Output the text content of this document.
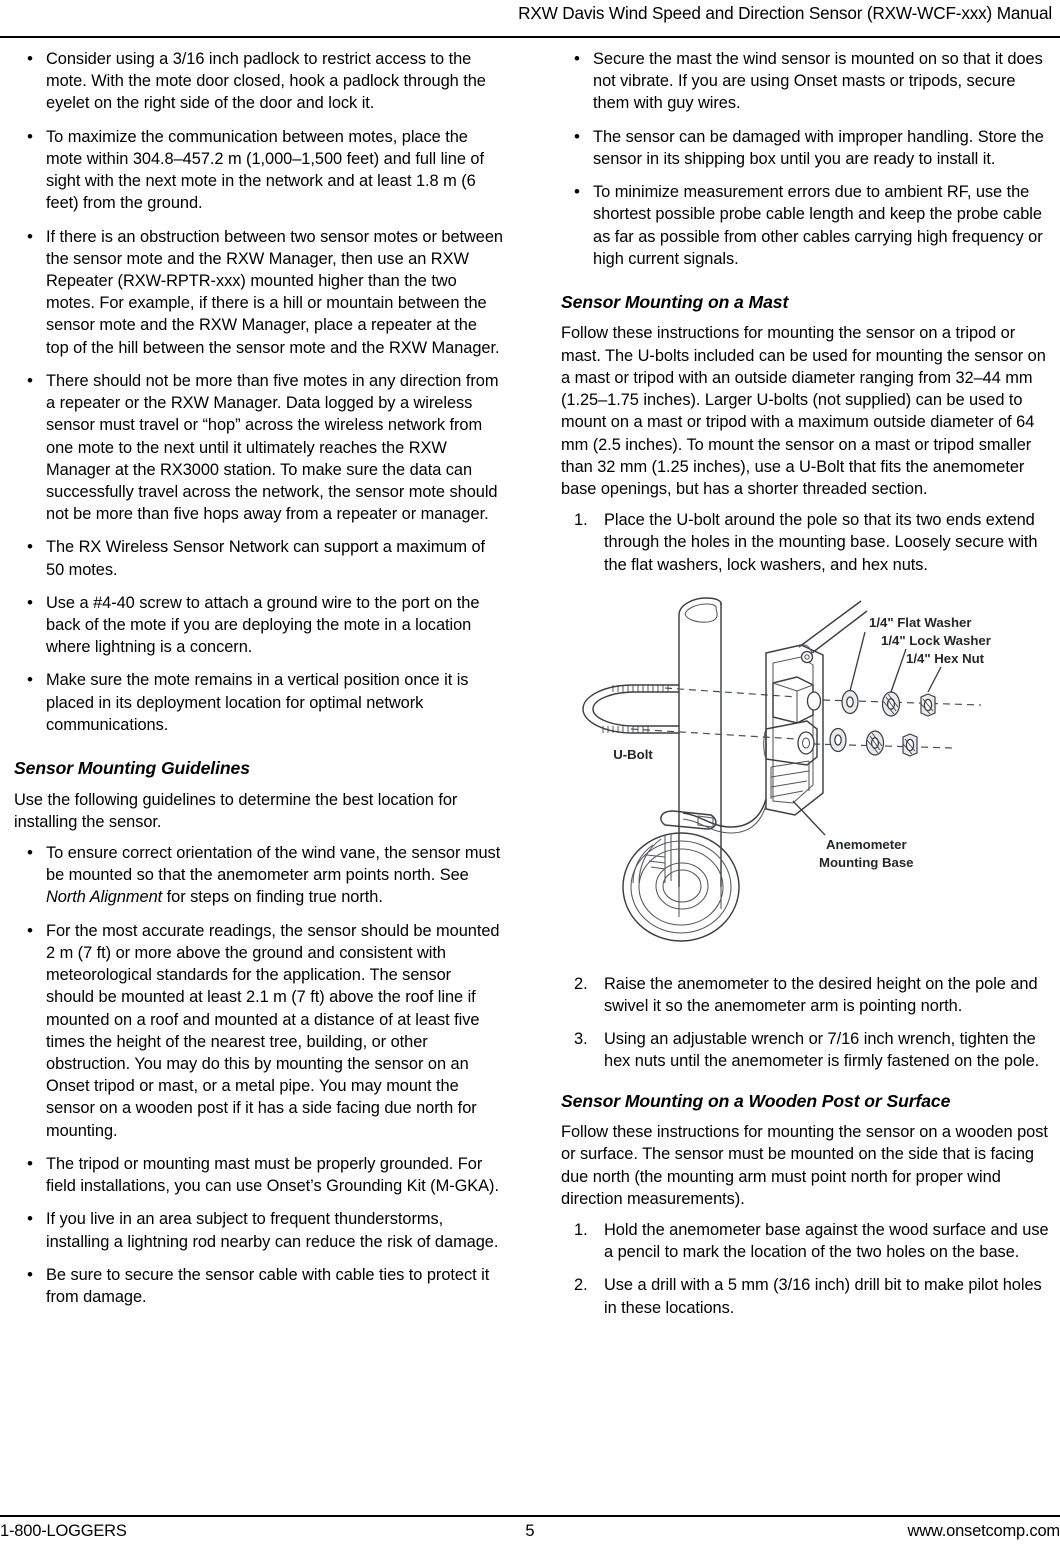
RXW Davis Wind Speed and Direction Sensor (RXW-WCF-xxx) Manual
• Consider using a 3/16 inch padlock to restrict access to the mote. With the mote door closed, hook a padlock through the eyelet on the right side of the door and lock it.
• To maximize the communication between motes, place the mote within 304.8–457.2 m (1,000–1,500 feet) and full line of sight with the next mote in the network and at least 1.8 m (6 feet) from the ground.
• If there is an obstruction between two sensor motes or between the sensor mote and the RXW Manager, then use an RXW Repeater (RXW-RPTR-xxx) mounted higher than the two motes. For example, if there is a hill or mountain between the sensor mote and the RXW Manager, place a repeater at the top of the hill between the sensor mote and the RXW Manager.
• There should not be more than five motes in any direction from a repeater or the RXW Manager. Data logged by a wireless sensor must travel or “hop” across the wireless network from one mote to the next until it ultimately reaches the RXW Manager at the RX3000 station. To make sure the data can successfully travel across the network, the sensor mote should not be more than five hops away from a repeater or manager.
• The RX Wireless Sensor Network can support a maximum of 50 motes.
• Use a #4-40 screw to attach a ground wire to the port on the back of the mote if you are deploying the mote in a location where lightning is a concern.
• Make sure the mote remains in a vertical position once it is placed in its deployment location for optimal network communications.
Sensor Mounting Guidelines

Use the following guidelines to determine the best location for installing the sensor.

• To ensure correct orientation of the wind vane, the sensor must be mounted so that the anemometer arm points north. See North Alignment for steps on finding true north.
• For the most accurate readings, the sensor should be mounted 2 m (7 ft) or more above the ground and consistent with meteorological standards for the application. The sensor should be mounted at least 2.1 m (7 ft) above the roof line if mounted on a roof and mounted at a distance of at least five times the height of the nearest tree, building, or other obstruction. You may do this by mounting the sensor on an Onset tripod or mast, or a metal pipe. You may mount the sensor on a wooden post if it has a side facing due north for mounting.
• The tripod or mounting mast must be properly grounded. For field installations, you can use Onset’s Grounding Kit (M-GKA).
• If you live in an area subject to frequent thunderstorms, installing a lightning rod nearby can reduce the risk of damage.
• Be sure to secure the sensor cable with cable ties to protect it from damage.
• Secure the mast the wind sensor is mounted on so that it does not vibrate. If you are using Onset masts or tripods, secure them with guy wires.
• The sensor can be damaged with improper handling. Store the sensor in its shipping box until you are ready to install it.
• To minimize measurement errors due to ambient RF, use the shortest possible probe cable length and keep the probe cable as far as possible from other cables carrying high frequency or high current signals.
Sensor Mounting on a Mast

Follow these instructions for mounting the sensor on a tripod or mast. The U-bolts included can be used for mounting the sensor on a mast or tripod with an outside diameter ranging from 32–44 mm (1.25–1.75 inches). Larger U-bolts (not supplied) can be used to mount on a mast or tripod with a maximum outside diameter of 64 mm (2.5 inches). To mount the sensor on a mast or tripod smaller than 32 mm (1.25 inches), use a U-Bolt that fits the anemometer base openings, but has a shorter threaded section.

Place the U-bolt around the pole so that its two ends extend through the holes in the mounting base. Loosely secure with the flat washers, lock washers, and hex nuts.
U-Bolt
1/4" Flat Washer
1/4" Lock Washer
1/4" Hex Nut
Anemometer
Mounting Base
Raise the anemometer to the desired height on the pole and swivel it so the anemometer arm is pointing north.
Using an adjustable wrench or 7/16 inch wrench, tighten the hex nuts until the anemometer is firmly fastened on the pole.
Sensor Mounting on a Wooden Post or Surface

Follow these instructions for mounting the sensor on a wooden post or surface. The sensor must be mounted on the side that is facing due north (the mounting arm must point north for proper wind direction measurements).

Hold the anemometer base against the wood surface and use a pencil to mark the location of the two holes on the base.
Use a drill with a 5 mm (3/16 inch) drill bit to make pilot holes in these locations.
1-800-LOGGERS	5	www.onsetcomp.com
